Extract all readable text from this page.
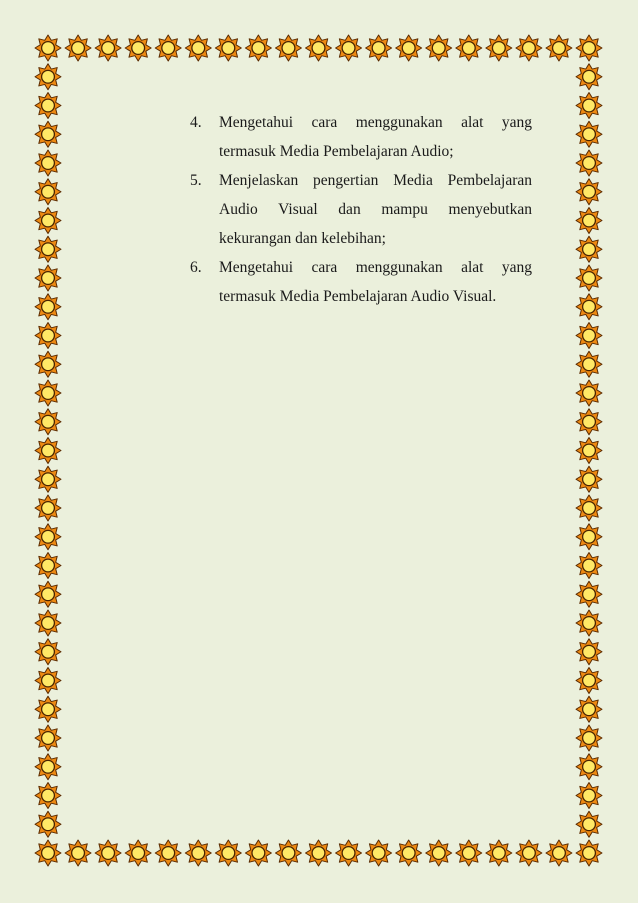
4.	Mengetahui cara menggunakan alat yang termasuk Media Pembelajaran Audio;
5.	Menjelaskan pengertian Media Pembelajaran Audio Visual dan mampu menyebutkan kekurangan dan kelebihan;
6.	Mengetahui cara menggunakan alat yang termasuk Media Pembelajaran Audio Visual.
